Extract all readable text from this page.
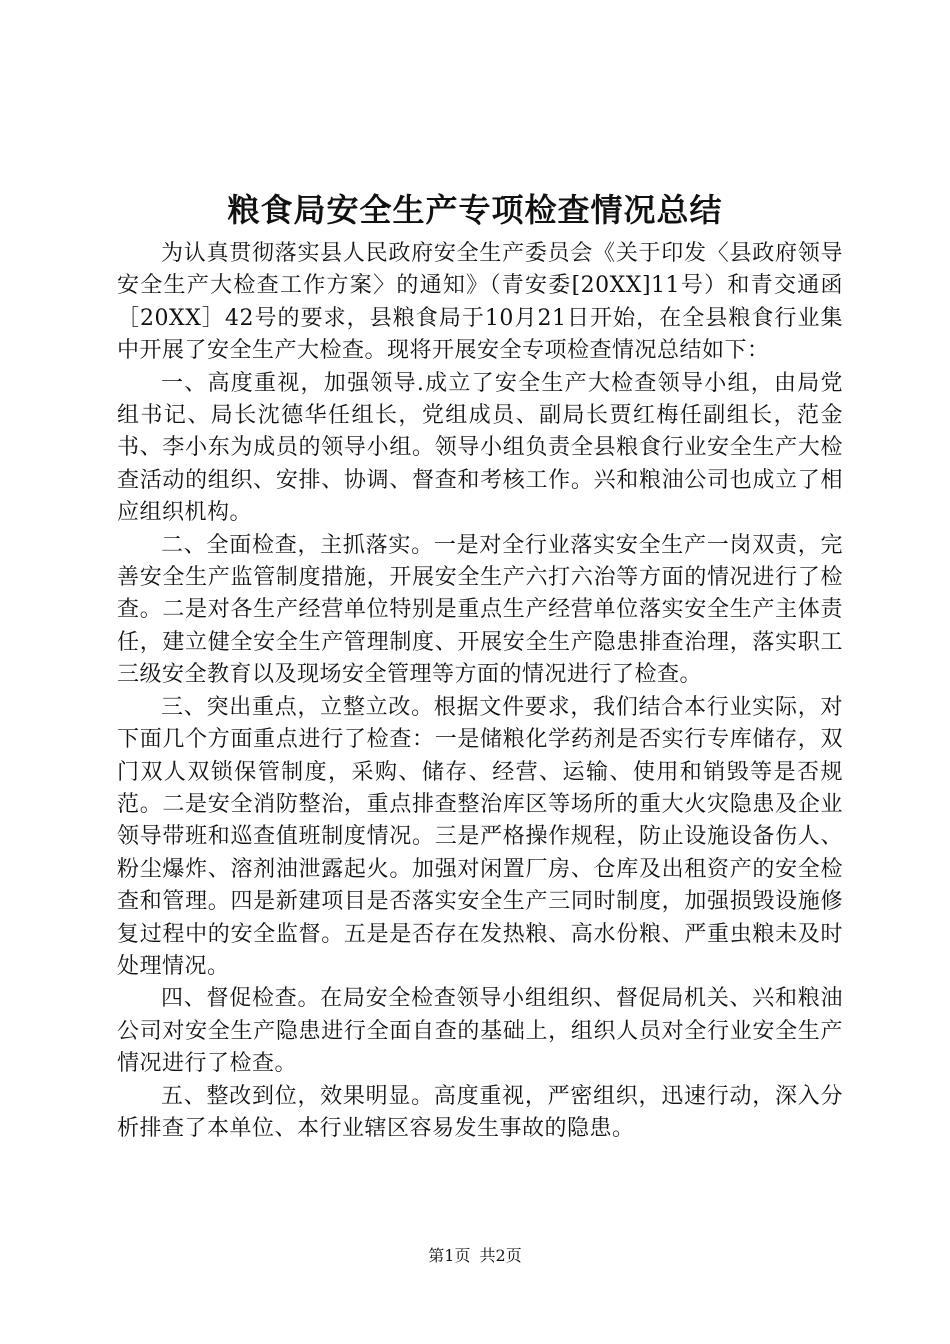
粮食局安全生产专项检查情况总结

为认真贯彻落实县人民政府安全生产委员会《关于印发〈县政府领导安全生产大检查工作方案〉的通知》（青安委[20XX]11号）和青交通函［20XX］42号的要求，县粮食局于10月21日开始，在全县粮食行业集中开展了安全生产大检查。现将开展安全专项检查情况总结如下：

一、高度重视，加强领导.成立了安全生产大检查领导小组，由局党组书记、局长沈德华任组长，党组成员、副局长贾红梅任副组长，范金书、李小东为成员的领导小组。领导小组负责全县粮食行业安全生产大检查活动的组织、安排、协调、督查和考核工作。兴和粮油公司也成立了相应组织机构。

二、全面检查，主抓落实。一是对全行业落实安全生产一岗双责，完善安全生产监管制度措施，开展安全生产六打六治等方面的情况进行了检查。二是对各生产经营单位特别是重点生产经营单位落实安全生产主体责任，建立健全安全生产管理制度、开展安全生产隐患排查治理，落实职工三级安全教育以及现场安全管理等方面的情况进行了检查。

三、突出重点，立整立改。根据文件要求，我们结合本行业实际，对下面几个方面重点进行了检查：一是储粮化学药剂是否实行专库储存，双门双人双锁保管制度，采购、储存、经营、运输、使用和销毁等是否规范。二是安全消防整治，重点排查整治库区等场所的重大火灾隐患及企业领导带班和巡查值班制度情况。三是严格操作规程，防止设施设备伤人、粉尘爆炸、溶剂油泄露起火。加强对闲置厂房、仓库及出租资产的安全检查和管理。四是新建项目是否落实安全生产三同时制度，加强损毁设施修复过程中的安全监督。五是是否存在发热粮、高水份粮、严重虫粮未及时处理情况。

四、督促检查。在局安全检查领导小组组织、督促局机关、兴和粮油公司对安全生产隐患进行全面自查的基础上，组织人员对全行业安全生产情况进行了检查。

五、整改到位，效果明显。高度重视，严密组织，迅速行动，深入分析排查了本单位、本行业辖区容易发生事故的隐患。

第1页 共2页
